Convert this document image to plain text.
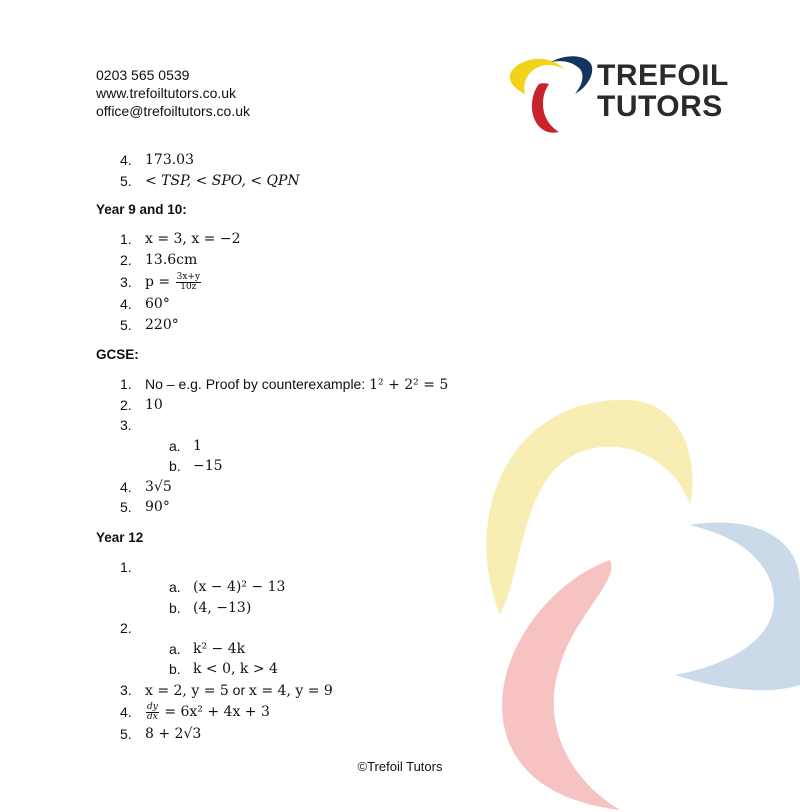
0203 565 0539
www.trefoiltutors.co.uk
office@trefoiltutors.co.uk
TREFOIL
TUTORS
4. 173.03
5. < TSP, < SPO, < QPN
Year 9 and 10:
1. x = 3, x = −2
2. 13.6cm
3. $p = \frac{3x+y}{10z}$
4. 60°
5. 220°
GCSE:
1. No – e.g. Proof by counterexample: 1² + 2² = 5
2. 10
3.
a. 1
b. −15
4. 3√5
5. 90°
Year 12
1.
a. (x − 4)² − 13
b. (4, −13)
2.
a. k² − 4k
b. k < 0, k > 4
3. x = 2, y = 5 or x = 4, y = 9
4. $\frac{dy}{dx} = 6x^2 + 4x + 3$
5. 8 + 2√3
©Trefoil Tutors
